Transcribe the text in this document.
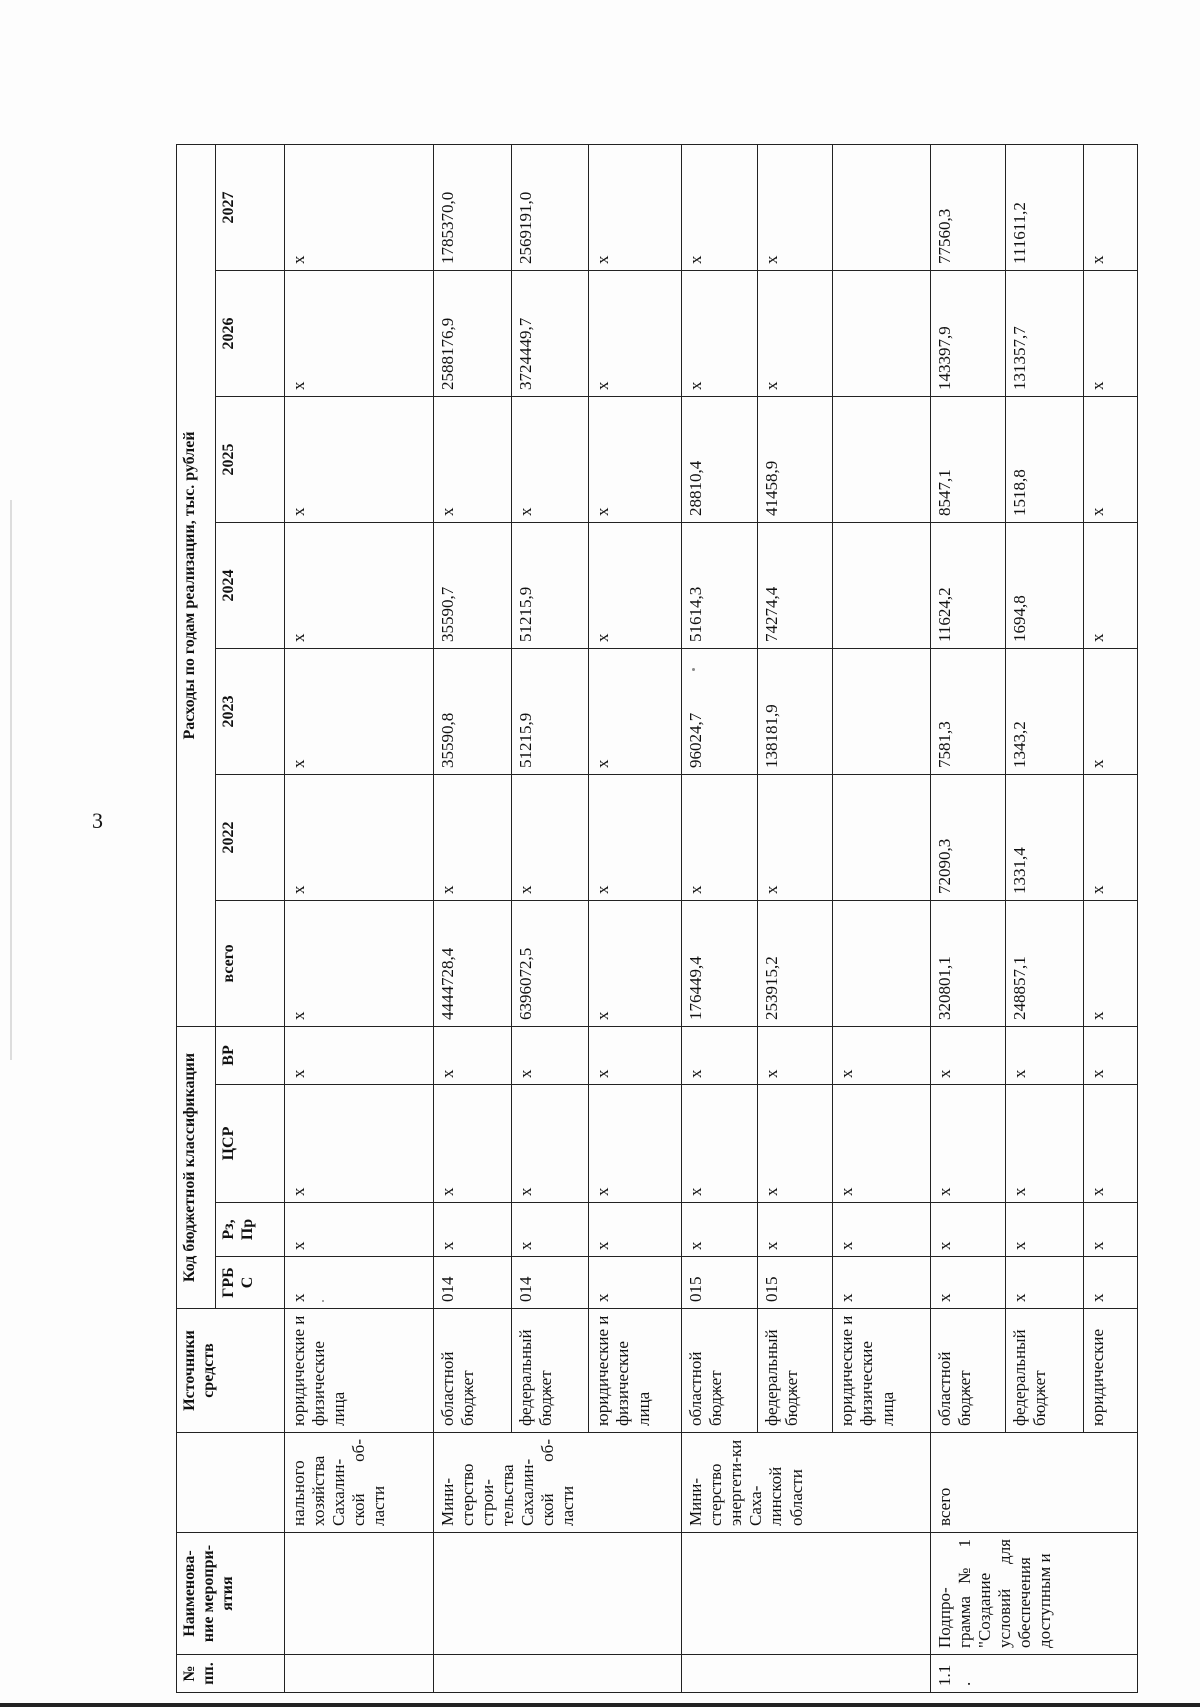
3
№ пп.	Наименова-ние меропри-ятия		Источники средств	Код бюджетной классификации				Расходы по годам реализации, тыс. рублей						
				ГРБ С	Рз, Пр	ЦСР	ВР	всего	2022	2023	2024	2025	2026	2027
		нального хозяйства Сахалин-ской об-ласти	юридические и физические лица	х	х	х	х	х	х	х	х	х	х	х
		Мини-стерство строи-тельства Сахалин-ской об-ласти	областной бюджет	014	х	х	х	4444728,4	х	35590,8	35590,7	х	2588176,9	1785370,0
			федеральный бюджет	014	х	х	х	6396072,5	х	51215,9	51215,9	х	3724449,7	2569191,0
			юридические и физические лица	х	х	х	х	х	х	х	х	х	х	х
		Мини-стерство энергети-ки Саха-линской области	областной бюджет	015	х	х	х	176449,4	х	96024,7	51614,3	28810,4	х	х
			федеральный бюджет	015	х	х	х	253915,2	х	138181,9	74274,4	41458,9	х	х
			юридические и физические лица	х	х	х	х							
1.1 .	Подпро-грамма № 1 "Создание условий для обеспечения доступным и	всего	областной бюджет	х	х	х	х	320801,1	72090,3	7581,3	11624,2	8547,1	143397,9	77560,3
			федеральный бюджет	х	х	х	х	248857,1	1331,4	1343,2	1694,8	1518,8	131357,7	111611,2
			юридические	х	х	х	х	х	х	х	х	х	х	х
